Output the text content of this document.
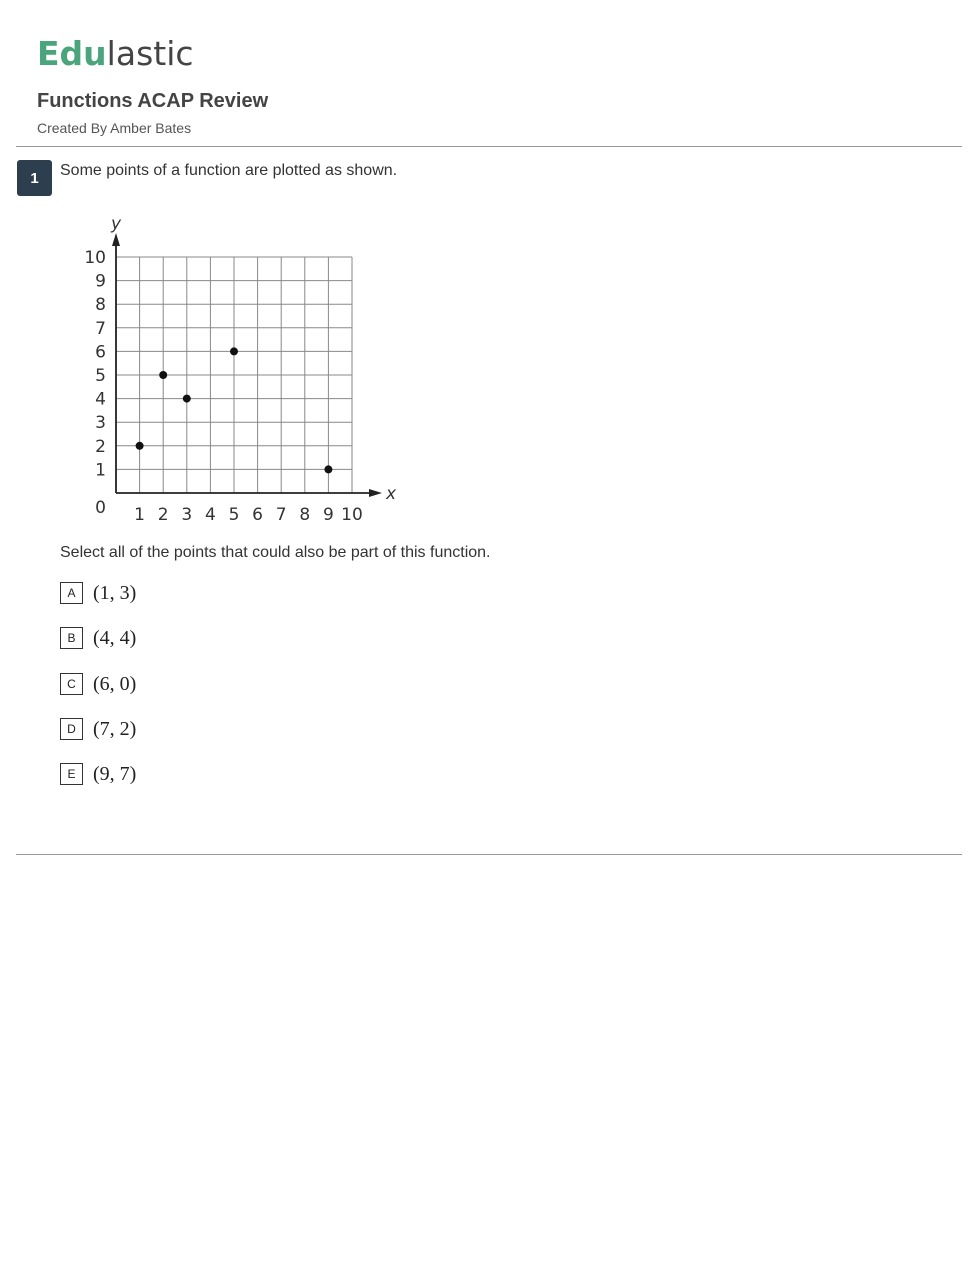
Edulastic
Functions ACAP Review
Created By Amber Bates
1	Some points of a function are plotted as shown.
1 2 3 4 5 6 7 8 9 10
1
2
3
4
5
6
7
8
9
10
0
x
y
Select all of the points that could also be part of this function.
A (1, 3)
B (4, 4)
C (6, 0)
D (7, 2)
E (9, 7)
